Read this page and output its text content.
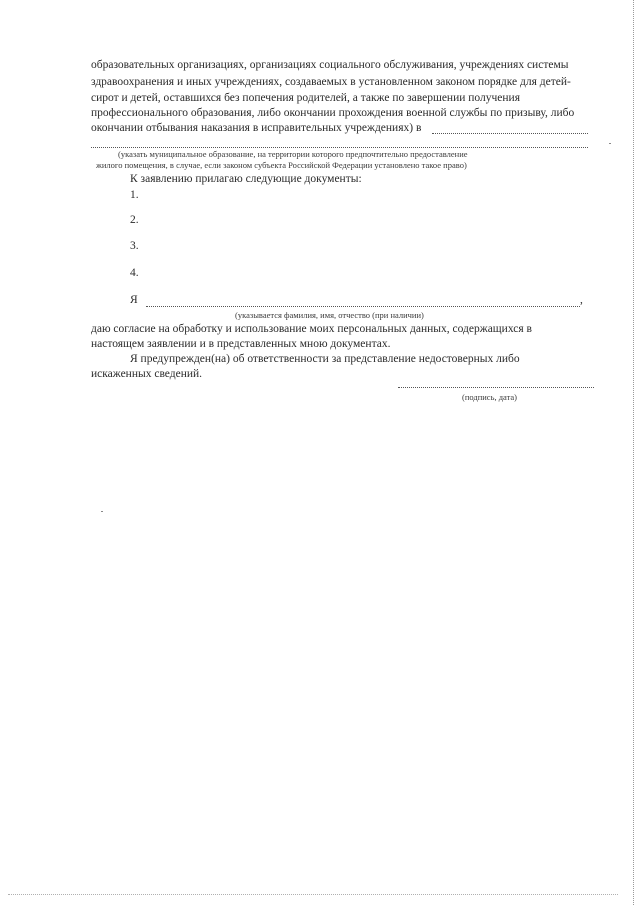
образовательных организациях, организациях социального обслуживания, учреждениях системы
здравоохранения и иных учреждениях, создаваемых в установленном законом порядке для детей-
сирот и детей, оставшихся без попечения родителей, а также по завершении получения
профессионального образования, либо окончании прохождения военной службы по призыву, либо
окончании отбывания наказания в исправительных учреждениях) в
(указать муниципальное образование, на территории которого предпочтительно предоставление
жилого помещения, в случае, если законом субъекта Российской Федерации установлено такое право)
К заявлению прилагаю следующие документы:
1.
2.
3.
4.
Я	,
(указывается фамилия, имя, отчество (при наличии)
даю согласие на обработку и использование моих персональных данных, содержащихся в
настоящем заявлении и в представленных мною документах.
Я предупрежден(на) об ответственности за представление недостоверных либо
искаженных сведений.
(подпись, дата)
